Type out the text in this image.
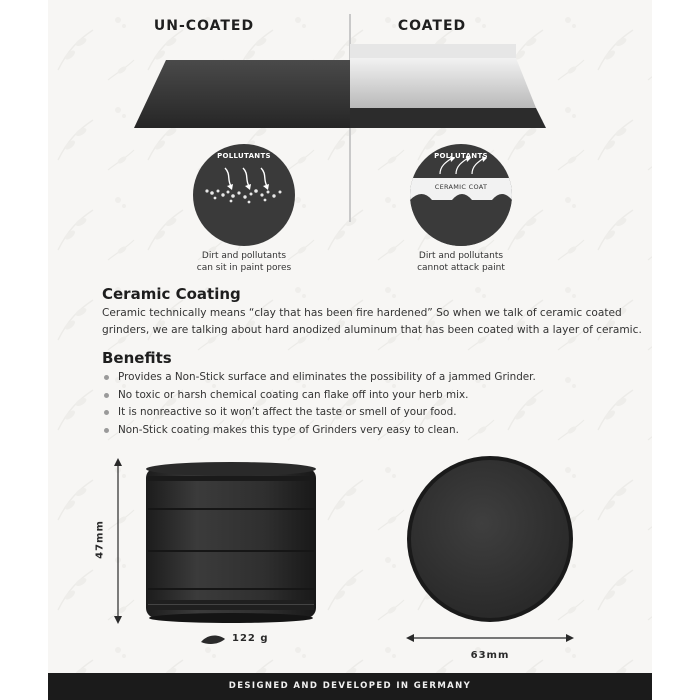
UN-COATED	COATED
POLLUTANTS
Dirt and pollutants
can sit in paint pores
POLLUTANTS
CERAMIC COAT
Dirt and pollutants
cannot attack paint
Ceramic Coating
Ceramic technically means “clay that has been fire hardened” So when we talk of ceramic coated
grinders, we are talking about hard anodized aluminum that has been coated with a layer of ceramic.
Benefits
Provides a Non-Stick surface and eliminates the possibility of a jammed Grinder.
No toxic or harsh chemical coating can flake off into your herb mix.
It is nonreactive so it won’t affect the taste or smell of your food.
Non-Stick coating makes this type of Grinders very easy to clean.
47mm
122 g
63mm
DESIGNED AND DEVELOPED IN GERMANY
